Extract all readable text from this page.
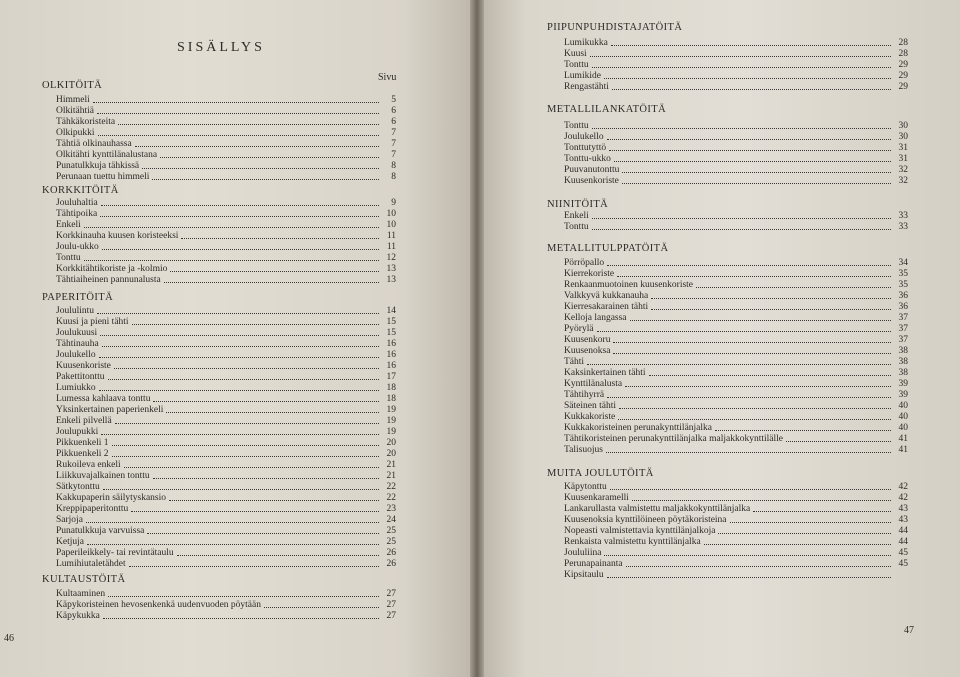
SISÄLLYS
Sivu
46
OLKITÖITÄ
Himmeli	5
Olkitähtiä	6
Tähkäkoristeita	6
Olkipukki	7
Tähtiä olkinauhassa	7
Olkitähti kynttilänalustana	7
Punatulkkuja tähkissä	8
Perunaan tuettu himmeli	8
KORKKITÖITÄ
Jouluhaltia	9
Tähtipoika	10
Enkeli	10
Korkkinauha kuusen koristeeksi	11
Joulu-ukko	11
Tonttu	12
Korkkitähtikoriste ja -kolmio	13
Tähtiaiheinen pannunalusta	13
PAPERITÖITÄ
Joululintu	14
Kuusi ja pieni tähti	15
Joulukuusi	15
Tähtinauha	16
Joulukello	16
Kuusenkoriste	16
Pakettitonttu	17
Lumiukko	18
Lumessa kahlaava tonttu	18
Yksinkertainen paperienkeli	19
Enkeli pilvellä	19
Joulupukki	19
Pikkuenkeli 1	20
Pikkuenkeli 2	20
Rukoileva enkeli	21
Liikkuvajalkainen tonttu	21
Sätkytonttu	22
Kakkupaperin säilytyskansio	22
Kreppipaperitonttu	23
Sarjoja	24
Punatulkkuja varvuissa	25
Ketjuja	25
Paperileikkely- tai revintätaulu	26
Lumihiutaletähdet	26
KULTAUSTÖITÄ
Kultaaminen	27
Käpykoristeinen hevosenkenkä uudenvuoden pöytään	27
Käpykukka	27
47
PIIPUNPUHDISTAJATÖITÄ
Lumikukka	28
Kuusi	28
Tonttu	29
Lumikide	29
Rengastähti	29
METALLILANKATÖITÄ
Tonttu	30
Joulukello	30
Tonttutyttö	31
Tonttu-ukko	31
Puuvanutonttu	32
Kuusenkoriste	32
NIINITÖITÄ
Enkeli	33
Tonttu	33
METALLITULPPATÖITÄ
Pörröpallo	34
Kierrekoriste	35
Renkaanmuotoinen kuusenkoriste	35
Valkkyvä kukkanauha	36
Kierresakarainen tähti	36
Kelloja langassa	37
Pyörylä	37
Kuusenkoru	37
Kuusenoksa	38
Tähti	38
Kaksinkertainen tähti	38
Kynttilänalusta	39
Tähtihyrrä	39
Säteinen tähti	40
Kukkakoriste	40
Kukkakoristeinen perunakynttilänjalka	40
Tähtikoristeinen perunakynttilänjalka maljakkokynttilälle	41
Talisuojus	41
MUITA JOULUTÖITÄ
Käpytonttu	42
Kuusenkaramelli	42
Lankarullasta valmistettu maljakkokynttilänjalka	43
Kuusenoksia kynttilöineen pöytäkoristeina	43
Nopeasti valmistettavia kynttilänjalkoja	44
Renkaista valmistettu kynttilänjalka	44
Joululiina	45
Perunapainanta	45
Kipsitaulu
